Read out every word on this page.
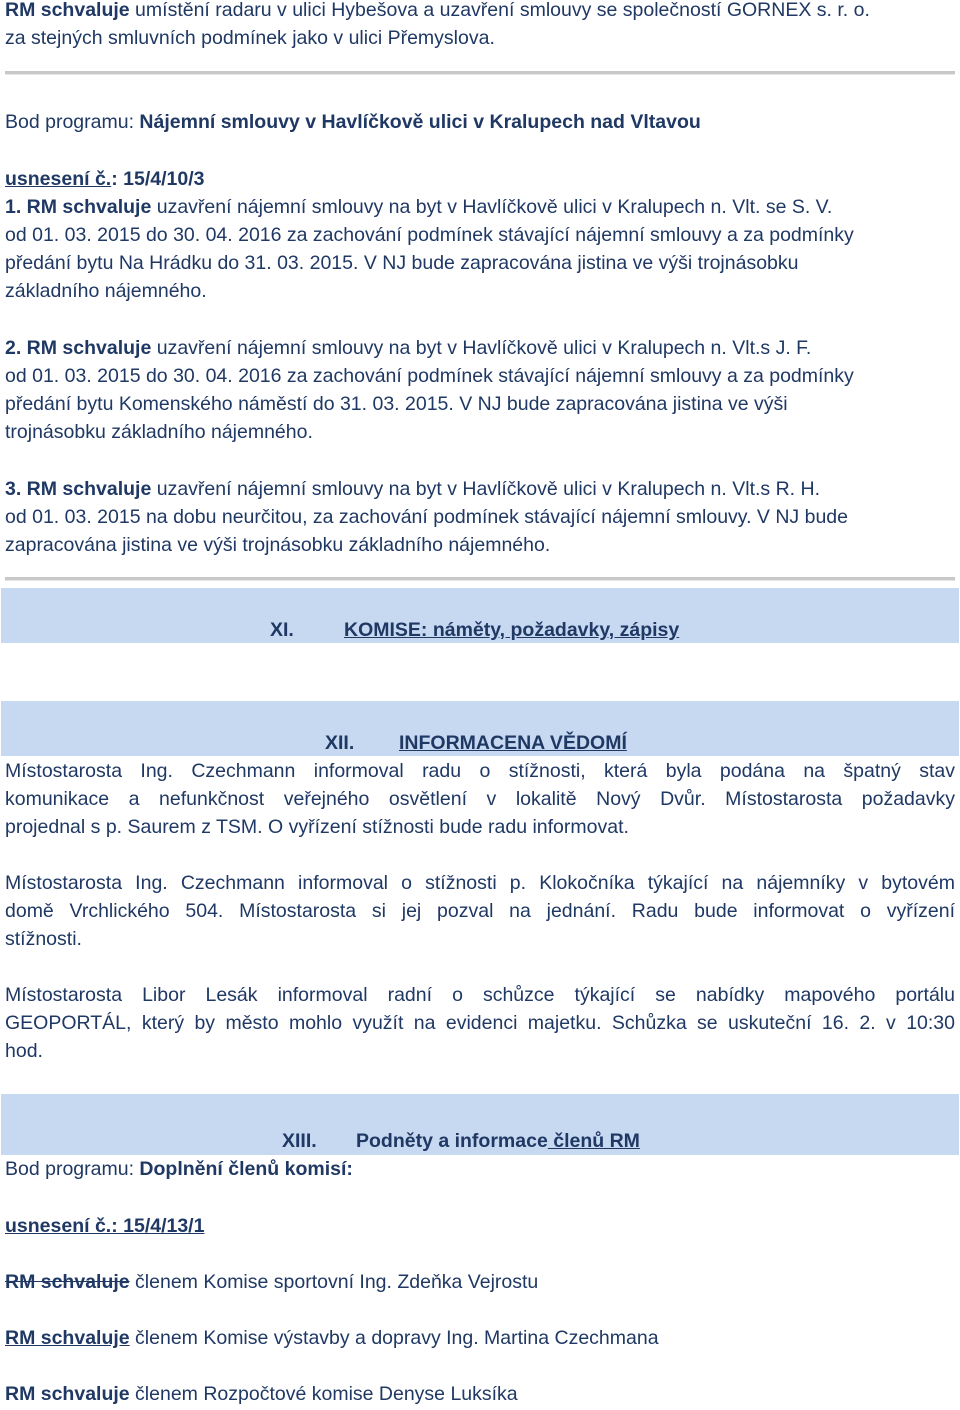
RM schvaluje umístění radaru v ulici Hybešova a uzavření smlouvy se společností GORNEX s. r. o.
za stejných smluvních podmínek jako v ulici Přemyslova.
Bod programu: Nájemní smlouvy v Havlíčkově ulici v Kralupech nad Vltavou
usnesení č.: 15/4/10/3
1. RM schvaluje uzavření nájemní smlouvy na byt v Havlíčkově ulici v Kralupech n. Vlt. se S. V.
od 01. 03. 2015 do 30. 04. 2016 za zachování podmínek stávající nájemní smlouvy a za podmínky
předání bytu Na Hrádku do 31. 03. 2015. V NJ bude zapracována jistina ve výši trojnásobku
základního nájemného.
2. RM schvaluje uzavření nájemní smlouvy na byt v Havlíčkově ulici v Kralupech n. Vlt.s J. F.
od 01. 03. 2015 do 30. 04. 2016 za zachování podmínek stávající nájemní smlouvy a za podmínky
předání bytu Komenského náměstí do 31. 03. 2015. V NJ bude zapracována jistina ve výši
trojnásobku základního nájemného.
3. RM schvaluje uzavření nájemní smlouvy na byt v Havlíčkově ulici v Kralupech n. Vlt.s R. H.
od 01. 03. 2015 na dobu neurčitou, za zachování podmínek stávající nájemní smlouvy. V NJ bude
zapracována jistina ve výši trojnásobku základního nájemného.
XI.	KOMISE: náměty, požadavky, zápisy
XII. INFORMACENA VĚDOMÍ
Místostarosta Ing. Czechmann informoval radu o stížnosti, která byla podána na špatný stav
komunikace a nefunkčnost veřejného osvětlení v lokalitě Nový Dvůr. Místostarosta požadavky
projednal s p. Saurem z TSM. O vyřízení stížnosti bude radu informovat.
Místostarosta Ing. Czechmann informoval o stížnosti p. Klokočníka týkající na nájemníky v bytovém
domě Vrchlického 504. Místostarosta si jej pozval na jednání. Radu bude informovat o vyřízení
stížnosti.
Místostarosta Libor Lesák informoval radní o schůzce týkající se nabídky mapového portálu
GEOPORTÁL, který by město mohlo využít na evidenci majetku. Schůzka se uskuteční 16. 2. v 10:30
hod.
XIII. Podněty a informace členů RM
Bod programu: Doplnění členů komisí:
usnesení č.: 15/4/13/1
RM schvaluje členem Komise sportovní Ing. Zdeňka Vejrostu
RM schvaluje členem Komise výstavby a dopravy Ing. Martina Czechmana
RM schvaluje členem Rozpočtové komise Denyse Luksíka
